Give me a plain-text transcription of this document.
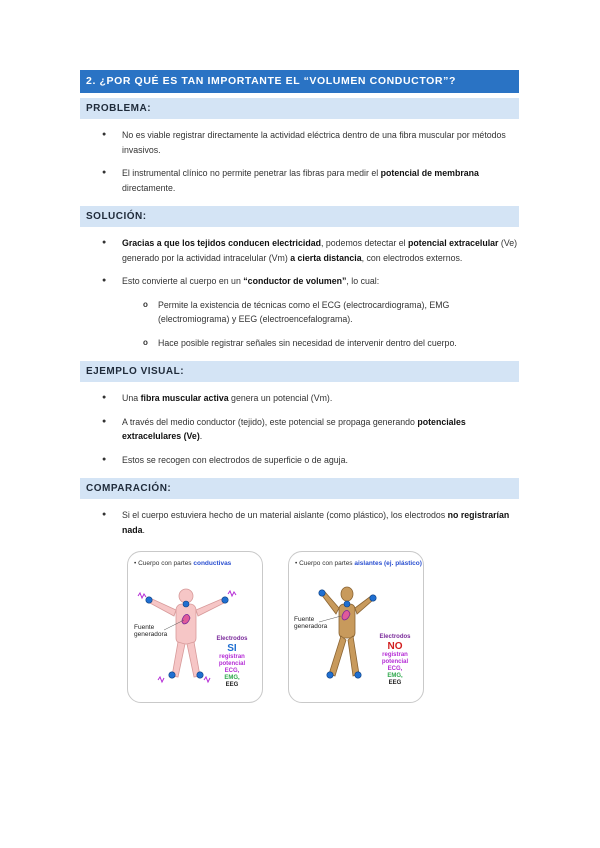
2. ¿POR QUÉ ES TAN IMPORTANTE EL “VOLUMEN CONDUCTOR”?
PROBLEMA:
● No es viable registrar directamente la actividad eléctrica dentro de una fibra muscular por métodos invasivos.
● El instrumental clínico no permite penetrar las fibras para medir el potencial de membrana directamente.
SOLUCIÓN:
● Gracias a que los tejidos conducen electricidad, podemos detectar el potencial extracelular (Ve) generado por la actividad intracelular (Vm) a cierta distancia, con electrodos externos.
● Esto convierte al cuerpo en un “conductor de volumen”, lo cual:
o Permite la existencia de técnicas como el ECG (electrocardiograma), EMG (electromiograma) y EEG (electroencefalograma).
o Hace posible registrar señales sin necesidad de intervenir dentro del cuerpo.
EJEMPLO VISUAL:
● Una fibra muscular activa genera un potencial (Vm).
● A través del medio conductor (tejido), este potencial se propaga generando potenciales extracelulares (Ve).
● Estos se recogen con electrodos de superficie o de aguja.
COMPARACIÓN:
● Si el cuerpo estuviera hecho de un material aislante (como plástico), los electrodos no registrarían nada.
• Cuerpo con partes conductivas
Fuente
generadora
Electrodos
SI
registran
potencial
ECG,
EMG,
EEG
• Cuerpo con partes aislantes (ej. plástico)
Fuente
generadora
Electrodos
NO
registran
potencial
ECG,
EMG,
EEG
